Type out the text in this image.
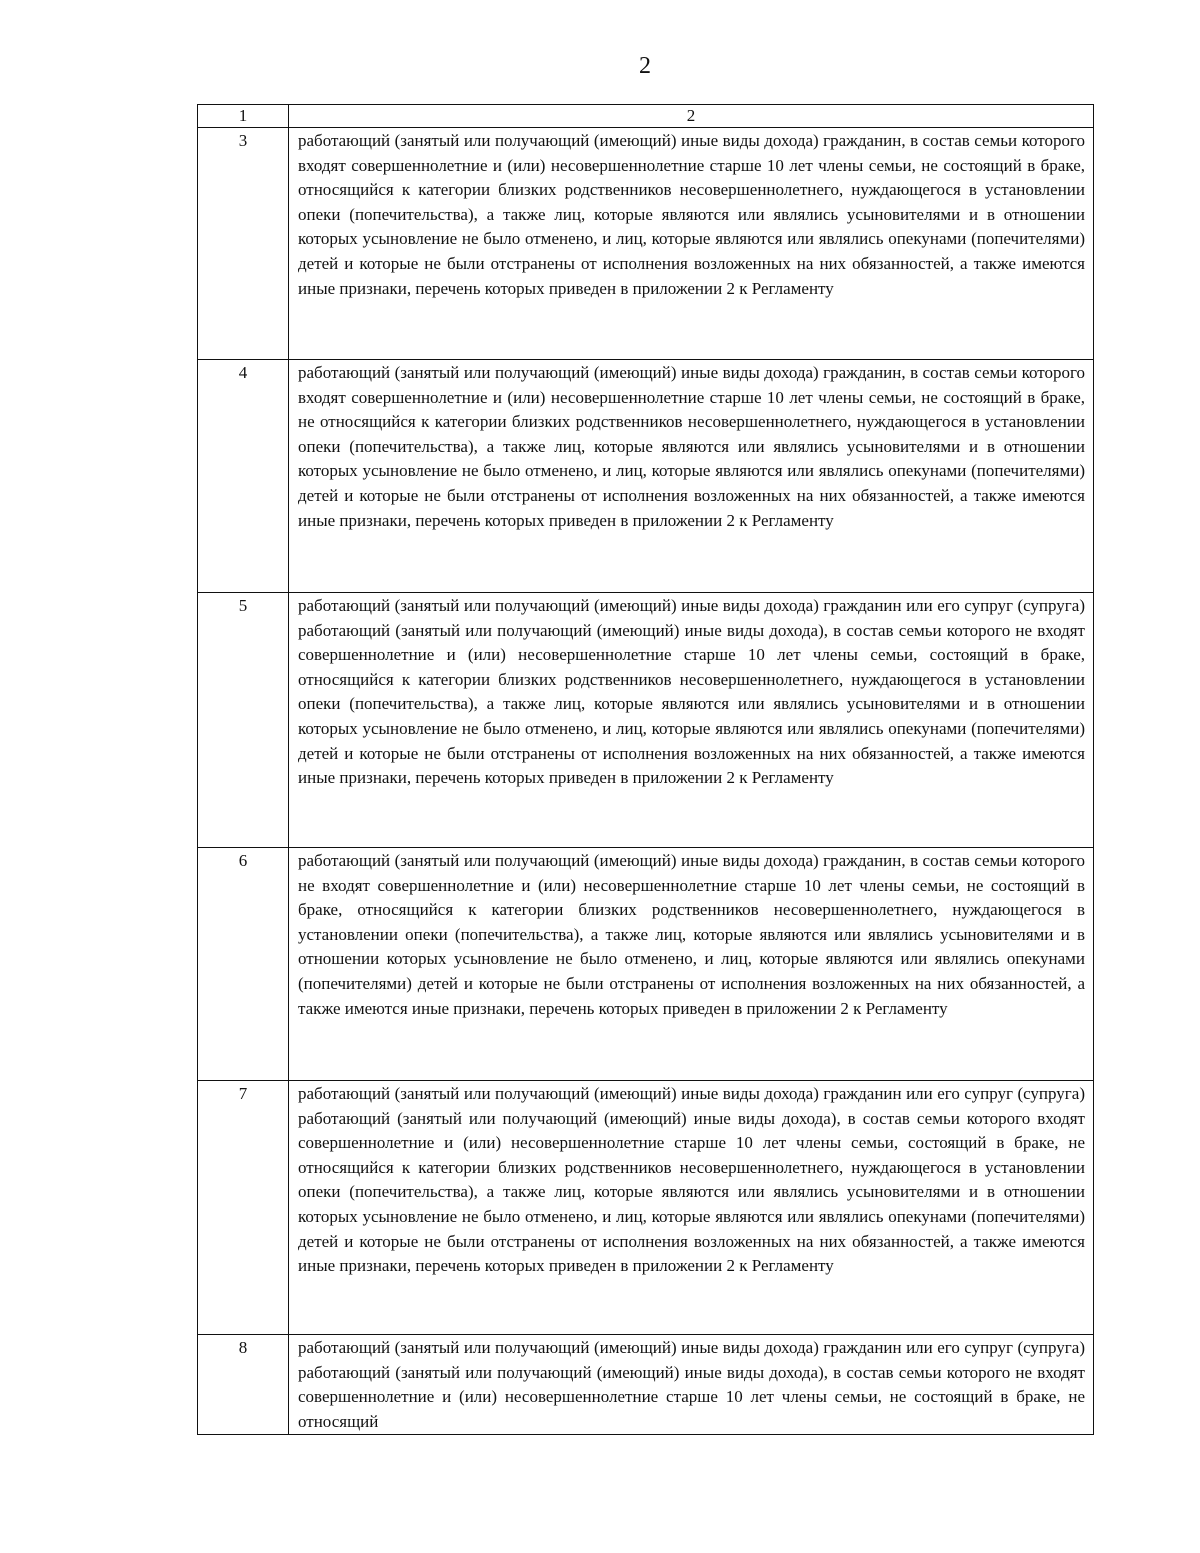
2
1	2
3	работающий (занятый или получающий (имеющий) иные виды дохода) гражданин, в состав семьи которого входят совершеннолетние и (или) несовершеннолетние старше 10 лет члены семьи, не состоящий в браке, относящийся к категории близких родственников несовершеннолетнего, нуждающегося в установлении опеки (попечительства), а также лиц, которые являются или являлись усыновителями и в отношении которых усыновление не было отменено, и лиц, которые являются или являлись опекунами (попечителями) детей и которые не были отстранены от исполнения возложенных на них обязанностей, а также имеются иные признаки, перечень которых приведен в приложении 2 к Регламенту

4	работающий (занятый или получающий (имеющий) иные виды дохода) гражданин, в состав семьи которого входят совершеннолетние и (или) несовершеннолетние старше 10 лет члены семьи, не состоящий в браке, не относящийся к категории близких родственников несовершеннолетнего, нуждающегося в установлении опеки (попечительства), а также лиц, которые являются или являлись усыновителями и в отношении которых усыновление не было отменено, и лиц, которые являются или являлись опекунами (попечителями) детей и которые не были отстранены от исполнения возложенных на них обязанностей, а также имеются иные признаки, перечень которых приведен в приложении 2 к Регламенту

5	работающий (занятый или получающий (имеющий) иные виды дохода) гражданин или его супруг (супруга) работающий (занятый или получающий (имеющий) иные виды дохода), в состав семьи которого не входят совершеннолетние и (или) несовершеннолетние старше 10 лет члены семьи, состоящий в браке, относящийся к категории близких родственников несовершеннолетнего, нуждающегося в установлении опеки (попечительства), а также лиц, которые являются или являлись усыновителями и в отношении которых усыновление не было отменено, и лиц, которые являются или являлись опекунами (попечителями) детей и которые не были отстранены от исполнения возложенных на них обязанностей, а также имеются иные признаки, перечень которых приведен в приложении 2 к Регламенту

6	работающий (занятый или получающий (имеющий) иные виды дохода) гражданин, в состав семьи которого не входят совершеннолетние и (или) несовершеннолетние старше 10 лет члены семьи, не состоящий в браке, относящийся к категории близких родственников несовершеннолетнего, нуждающегося в установлении опеки (попечительства), а также лиц, которые являются или являлись усыновителями и в отношении которых усыновление не было отменено, и лиц, которые являются или являлись опекунами (попечителями) детей и которые не были отстранены от исполнения возложенных на них обязанностей, а также имеются иные признаки, перечень которых приведен в приложении 2 к Регламенту

7	работающий (занятый или получающий (имеющий) иные виды дохода) гражданин или его супруг (супруга) работающий (занятый или получающий (имеющий) иные виды дохода), в состав семьи которого входят совершеннолетние и (или) несовершеннолетние старше 10 лет члены семьи, состоящий в браке, не относящийся к категории близких родственников несовершеннолетнего, нуждающегося в установлении опеки (попечительства), а также лиц, которые являются или являлись усыновителями и в отношении которых усыновление не было отменено, и лиц, которые являются или являлись опекунами (попечителями) детей и которые не были отстранены от исполнения возложенных на них обязанностей, а также имеются иные признаки, перечень которых приведен в приложении 2 к Регламенту

8	работающий (занятый или получающий (имеющий) иные виды дохода) гражданин или его супруг (супруга) работающий (занятый или получающий (имеющий) иные виды дохода), в состав семьи которого не входят совершеннолетние и (или) несовершеннолетние старше 10 лет члены семьи, не состоящий в браке, не относящий
